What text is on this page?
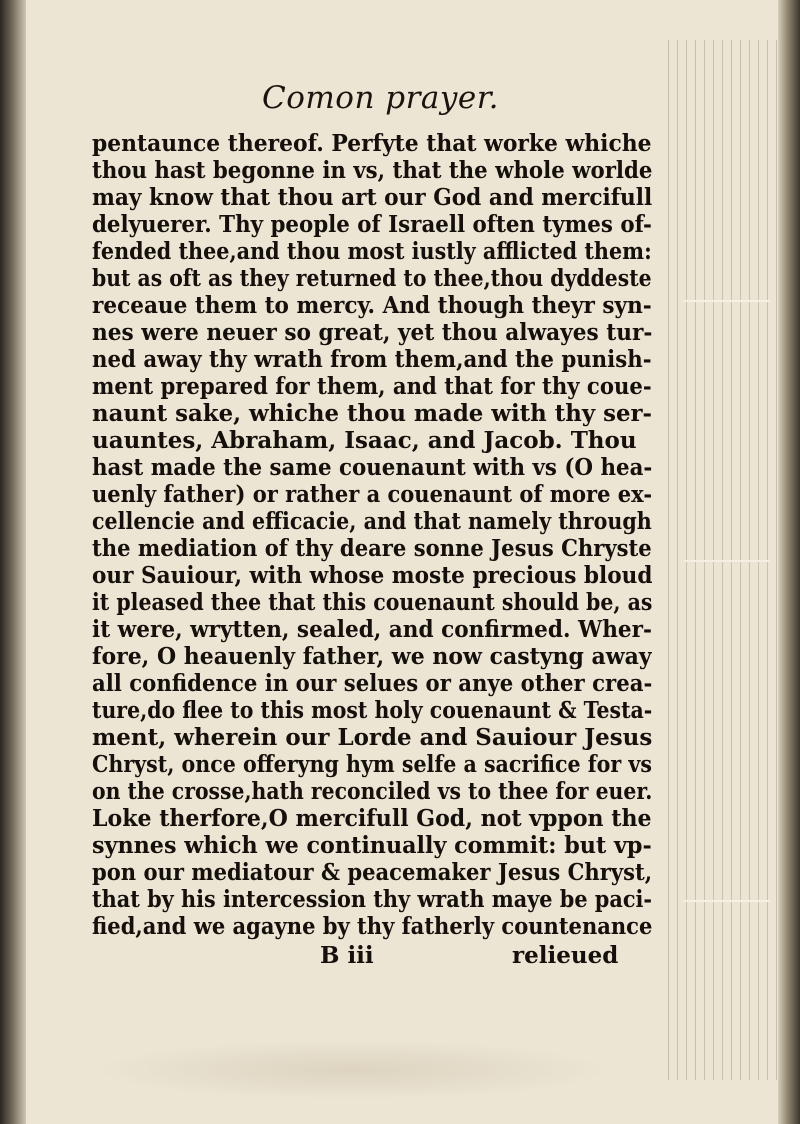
Comon prayer.
pentaunce thereof. Perfyte that worke whiche
thou hast begonne in vs, that the whole worlde
may know that thou art our God and mercifull
delyuerer. Thy people of Israell often tymes of-
fended thee,and thou most iustly afflicted them:
but as oft as they returned to thee,thou dyddeste
receaue them to mercy. And though theyr syn-
nes were neuer so great, yet thou alwayes tur-
ned away thy wrath from them,and the punish-
ment prepared for them, and that for thy coue-
naunt sake, whiche thou made with thy ser-
uauntes, Abraham, Isaac, and Jacob. Thou
hast made the same couenaunt with vs (O hea-
uenly father) or rather a couenaunt of more ex-
cellencie and efficacie, and that namely through
the mediation of thy deare sonne Jesus Chryste
our Sauiour, with whose moste precious bloud
it pleased thee that this couenaunt should be, as
it were, wrytten, sealed, and confirmed. Wher-
fore, O heauenly father, we now castyng away
all confidence in our selues or anye other crea-
ture,do flee to this most holy couenaunt & Testa-
ment, wherein our Lorde and Sauiour Jesus
Chryst, once offeryng hym selfe a sacrifice for vs
on the crosse,hath reconciled vs to thee for euer.
Loke therfore,O mercifull God, not vppon the
synnes which we continually commit: but vp-
pon our mediatour & peacemaker Jesus Chryst,
that by his intercession thy wrath maye be paci-
fied,and we agayne by thy fatherly countenance
B iii	relieued
